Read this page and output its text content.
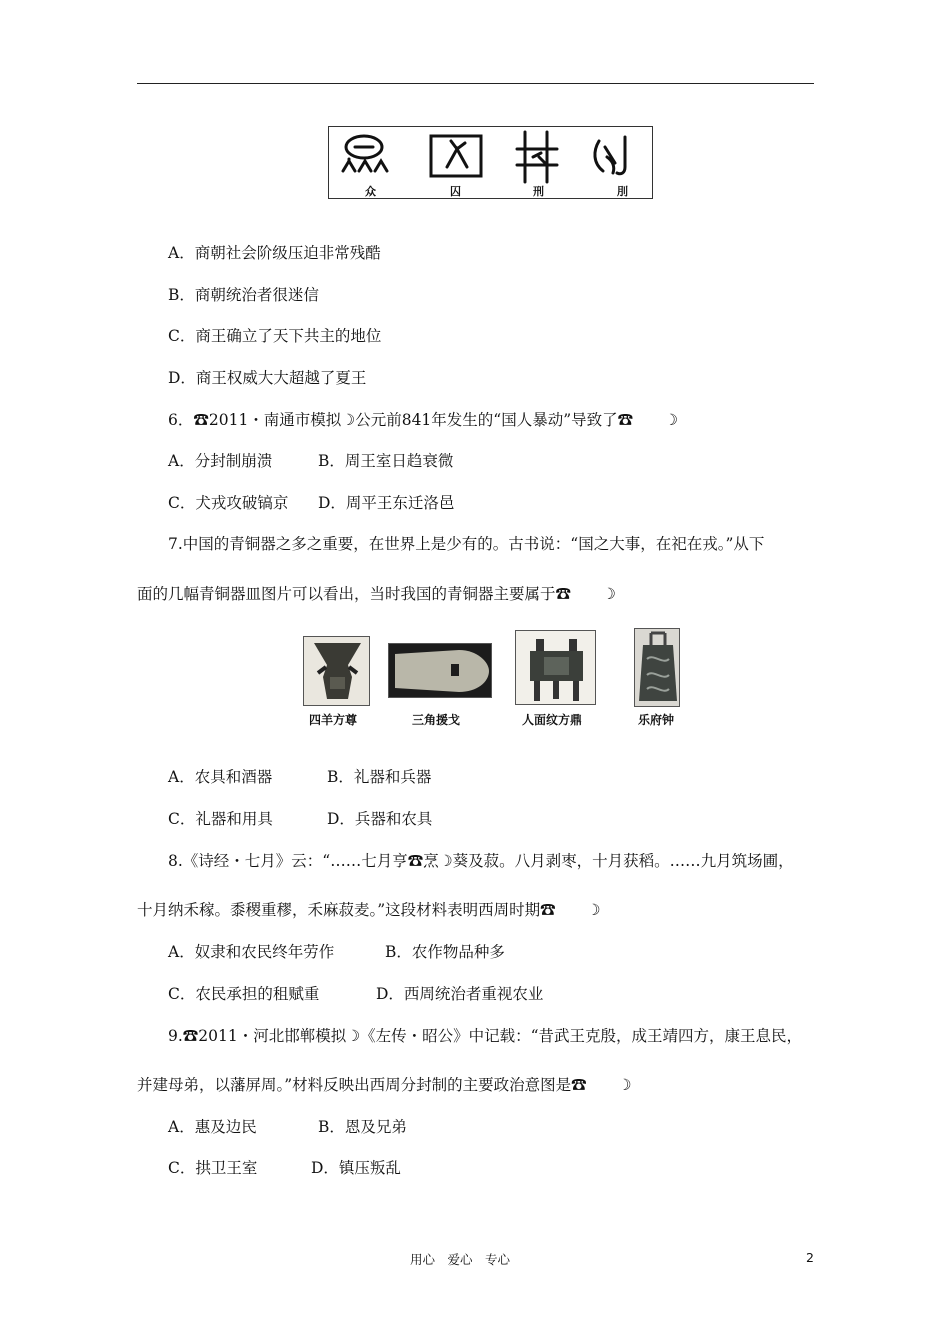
众	囚	刑	刖
A．商朝社会阶级压迫非常残酷
B．商朝统治者很迷信
C．商王确立了天下共主的地位
D．商王权威大大超越了夏王
6．☎2011・南通市模拟☽公元前841年发生的“国人暴动”导致了☎　　☽
A．分封制崩溃	B．周王室日趋衰微
C．犬戎攻破镐京 D．周平王东迁洛邑
7.中国的青铜器之多之重要，在世界上是少有的。古书说：“国之大事，在祀在戎。”从下
面的几幅青铜器皿图片可以看出，当时我国的青铜器主要属于☎　　☽
四羊方尊	三角援戈	人面纹方鼎	乐府钟
A．农具和酒器	B．礼器和兵器
C．礼器和用具	D．兵器和农具
8.《诗经・七月》云：“……七月亨☎烹☽葵及菽。八月剥枣，十月获稻。……九月筑场圃，
十月纳禾稼。黍稷重穋，禾麻菽麦。”这段材料表明西周时期☎　　☽
A．奴隶和农民终年劳作	B．农作物品种多
C．农民承担的租赋重	D．西周统治者重视农业
9.☎2011・河北邯郸模拟☽《左传・昭公》中记载：“昔武王克殷，成王靖四方，康王息民，
并建母弟，以藩屏周。”材料反映出西周分封制的主要政治意图是☎　　☽
A．惠及边民	B．恩及兄弟
C．拱卫王室	D．镇压叛乱
用心　爱心　专心	2
